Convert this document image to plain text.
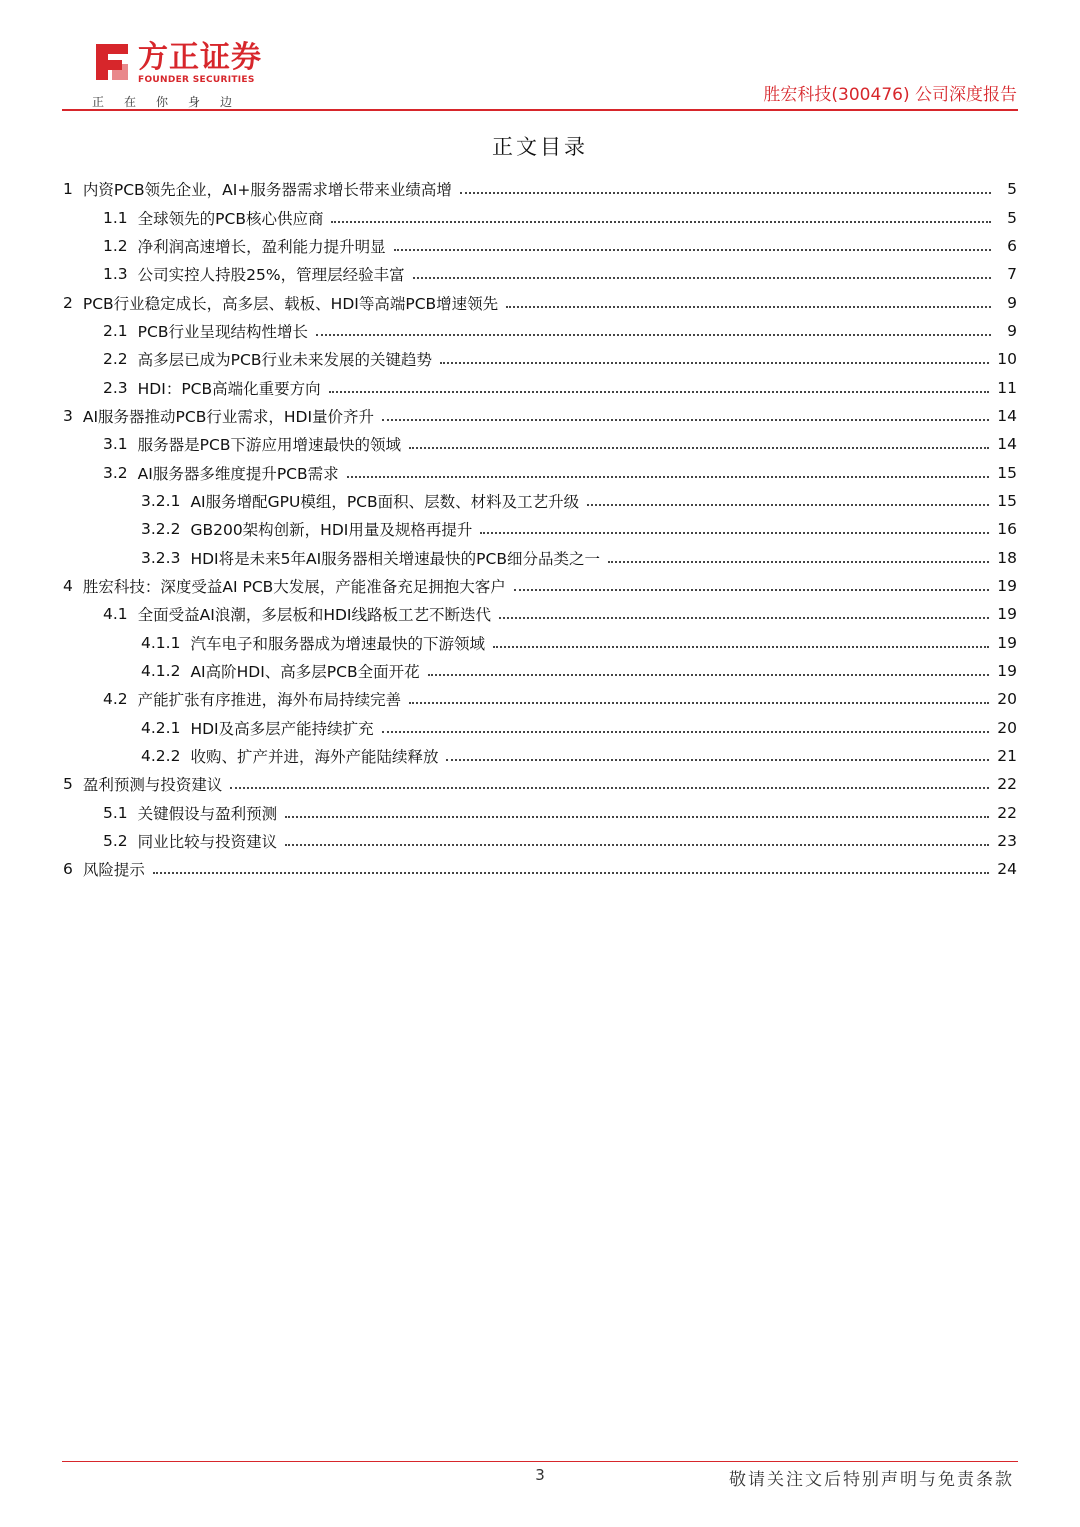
方正证券
FOUNDER SECURITIES
正在你身边	胜宏科技(300476) 公司深度报告
正文目录
1 内资PCB领先企业，AI+服务器需求增长带来业绩高增	5
1.1 全球领先的PCB核心供应商	5
1.2 净利润高速增长，盈利能力提升明显	6
1.3 公司实控人持股25%，管理层经验丰富	7
2 PCB行业稳定成长，高多层、载板、HDI等高端PCB增速领先	9
2.1 PCB行业呈现结构性增长	9
2.2 高多层已成为PCB行业未来发展的关键趋势	10
2.3 HDI：PCB高端化重要方向	11
3 AI服务器推动PCB行业需求，HDI量价齐升	14
3.1 服务器是PCB下游应用增速最快的领域	14
3.2 AI服务器多维度提升PCB需求	15
3.2.1 AI服务增配GPU模组，PCB面积、层数、材料及工艺升级	15
3.2.2 GB200架构创新，HDI用量及规格再提升	16
3.2.3 HDI将是未来5年AI服务器相关增速最快的PCB细分品类之一	18
4 胜宏科技：深度受益AI PCB大发展，产能准备充足拥抱大客户	19
4.1 全面受益AI浪潮，多层板和HDI线路板工艺不断迭代	19
4.1.1 汽车电子和服务器成为增速最快的下游领域	19
4.1.2 AI高阶HDI、高多层PCB全面开花	19
4.2 产能扩张有序推进，海外布局持续完善	20
4.2.1 HDI及高多层产能持续扩充	20
4.2.2 收购、扩产并进，海外产能陆续释放	21
5 盈利预测与投资建议	22
5.1 关键假设与盈利预测	22
5.2 同业比较与投资建议	23
6 风险提示	24
3	敬请关注文后特别声明与免责条款
